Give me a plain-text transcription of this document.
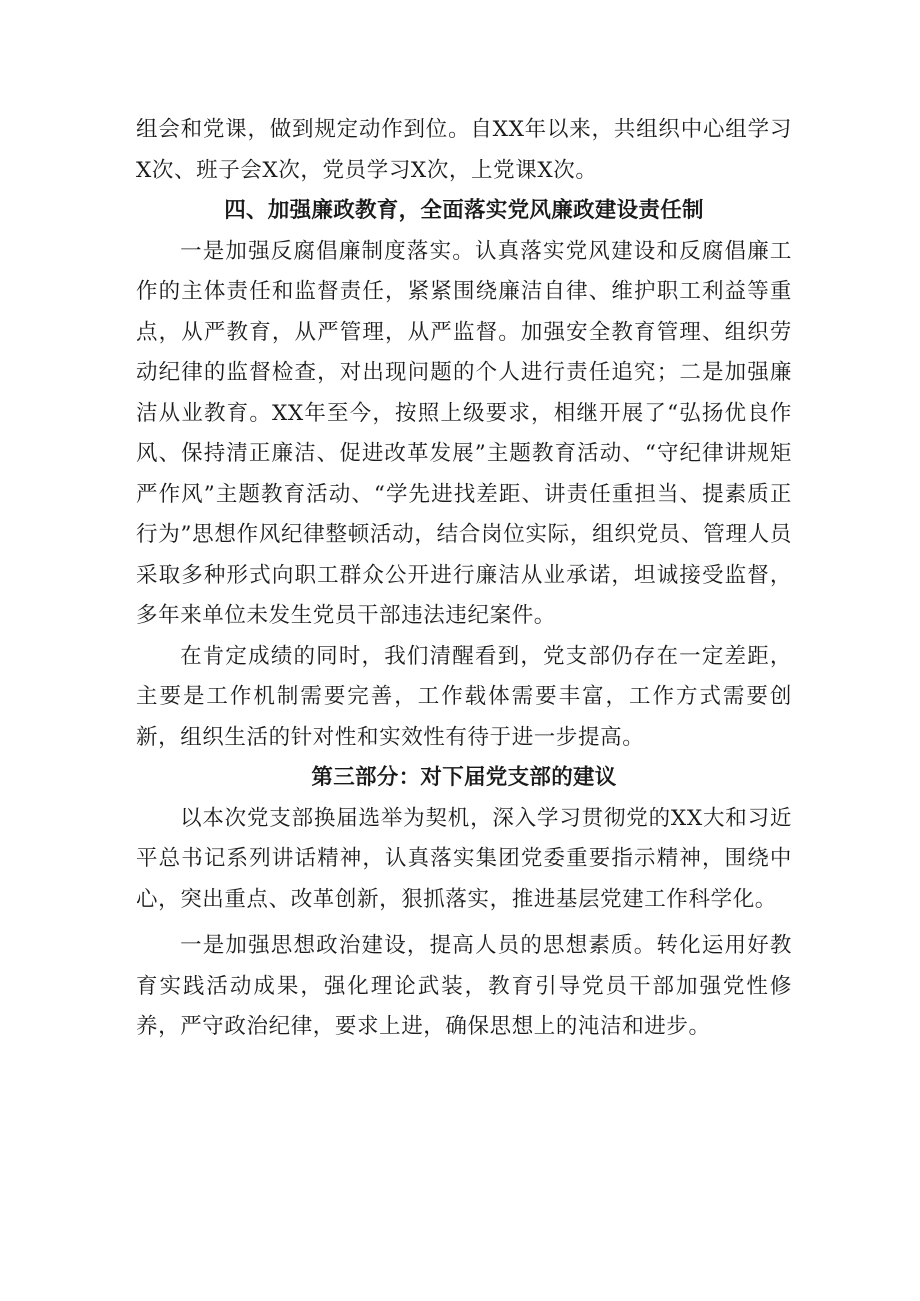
组会和党课，做到规定动作到位。自XX年以来，共组织中心组学习X次、班子会X次，党员学习X次，上党课X次。

四、加强廉政教育，全面落实党风廉政建设责任制

一是加强反腐倡廉制度落实。认真落实党风建设和反腐倡廉工作的主体责任和监督责任，紧紧围绕廉洁自律、维护职工利益等重点，从严教育，从严管理，从严监督。加强安全教育管理、组织劳动纪律的监督检查，对出现问题的个人进行责任追究；二是加强廉洁从业教育。XX年至今，按照上级要求，相继开展了“弘扬优良作风、保持清正廉洁、促进改革发展”主题教育活动、“守纪律讲规矩严作风”主题教育活动、“学先进找差距、讲责任重担当、提素质正行为”思想作风纪律整顿活动，结合岗位实际，组织党员、管理人员采取多种形式向职工群众公开进行廉洁从业承诺，坦诚接受监督，多年来单位未发生党员干部违法违纪案件。

在肯定成绩的同时，我们清醒看到，党支部仍存在一定差距，主要是工作机制需要完善，工作载体需要丰富，工作方式需要创新，组织生活的针对性和实效性有待于进一步提高。

第三部分：对下届党支部的建议

以本次党支部换届选举为契机，深入学习贯彻党的XX大和习近平总书记系列讲话精神，认真落实集团党委重要指示精神，围绕中心，突出重点、改革创新，狠抓落实，推进基层党建工作科学化。

一是加强思想政治建设，提高人员的思想素质。转化运用好教育实践活动成果，强化理论武装，教育引导党员干部加强党性修养，严守政治纪律，要求上进，确保思想上的沌洁和进步。
